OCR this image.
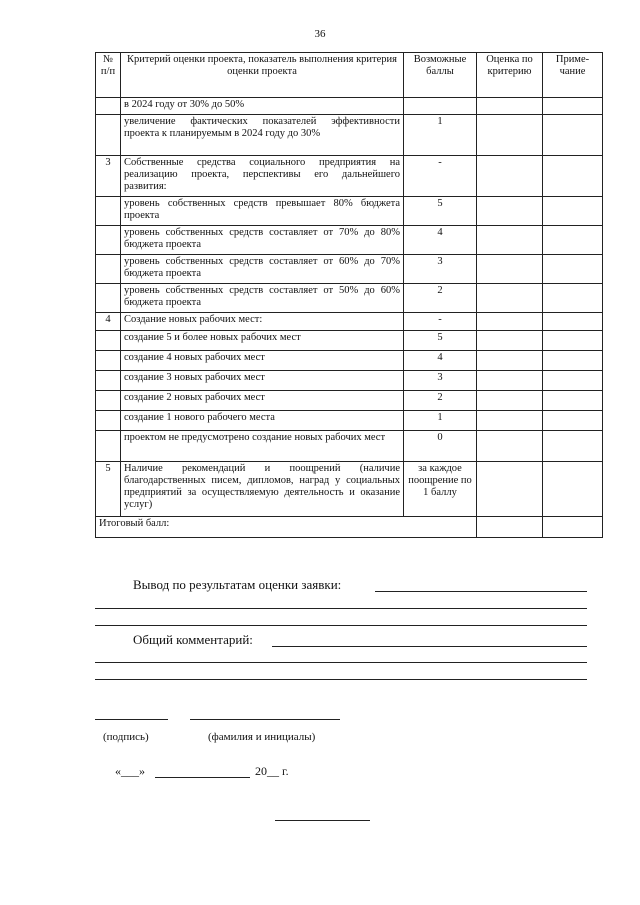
36
№ п/п	Критерий оценки проекта, показатель выполнения критерия оценки проекта	Возможные баллы	Оценка по критерию	Приме-чание
	в 2024 году от 30% до 50%			
	увеличение фактических показателей эффективности проекта к планируемым в 2024 году до 30%	1		
3	Собственные средства социального предприятия на реализацию проекта, перспективы его дальнейшего развития:	-		
	уровень собственных средств превышает 80% бюджета проекта	5		
	уровень собственных средств составляет от 70% до 80% бюджета проекта	4		
	уровень собственных средств составляет от 60% до 70% бюджета проекта	3		
	уровень собственных средств составляет от 50% до 60% бюджета проекта	2		
4	Создание новых рабочих мест:	-		
	создание 5 и более новых рабочих мест	5		
	создание 4 новых рабочих мест	4		
	создание 3 новых рабочих мест	3		
	создание 2 новых рабочих мест	2		
	создание 1 нового рабочего места	1		
	проектом не предусмотрено создание новых рабочих мест	0		
5	Наличие рекомендаций и поощрений (наличие благодарственных писем, дипломов, наград у социальных предприятий за осуществляемую деятельность и оказание услуг)	за каждое поощрение по 1 баллу		
Итоговый балл:				
Вывод по результатам оценки заявки:
Общий комментарий:
(подпись)	(фамилия и инициалы)
«___»	20__ г.
